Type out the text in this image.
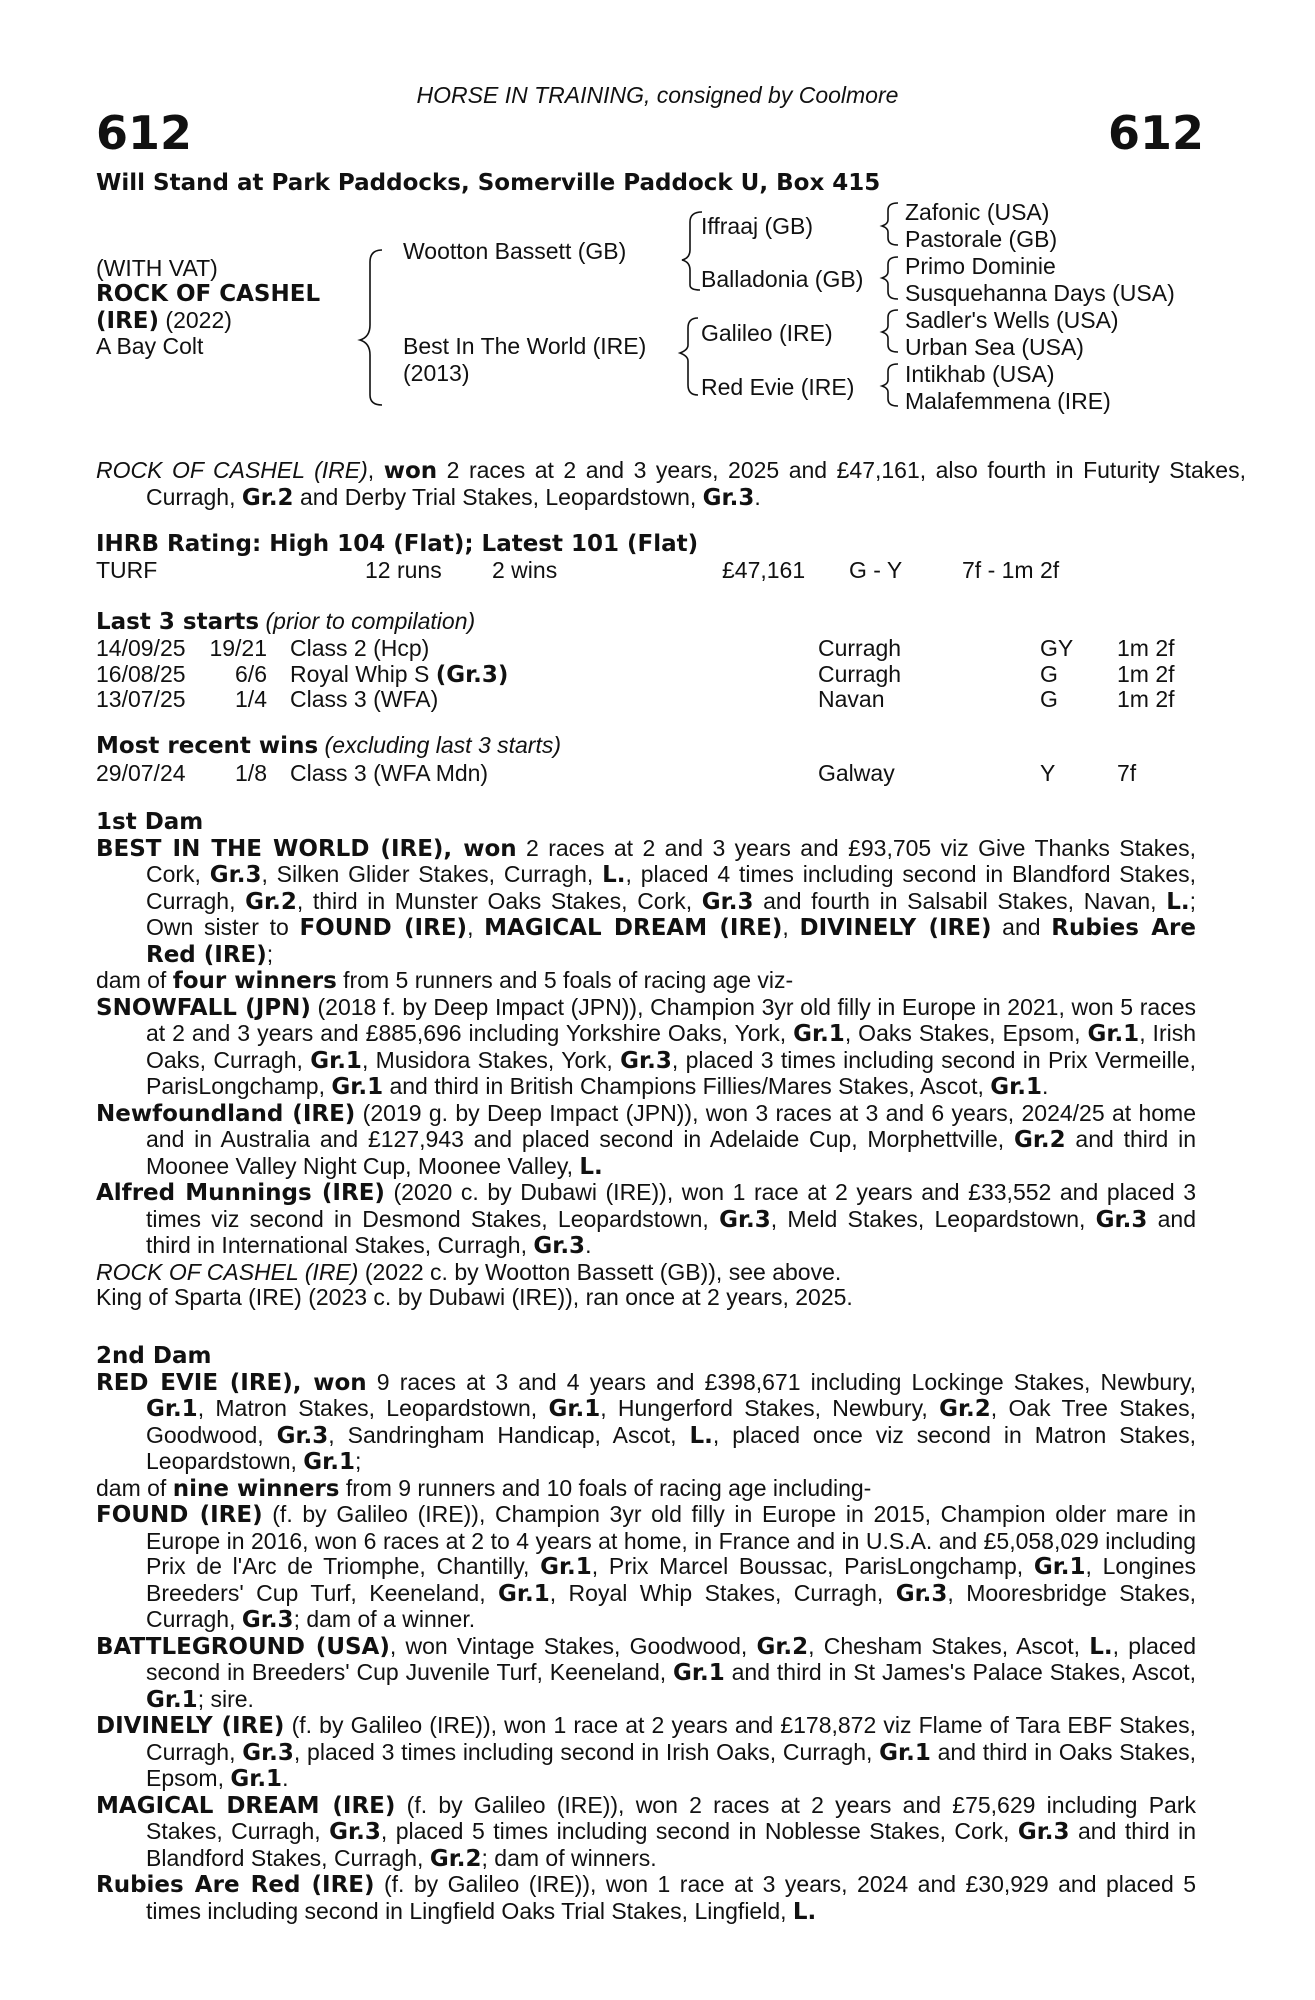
HORSE IN TRAINING, consigned by Coolmore
612	612
Will Stand at Park Paddocks, Somerville Paddock U, Box 415
(WITH VAT)
ROCK OF CASHEL
(IRE) (2022)
A Bay Colt
Wootton Bassett (GB)
Best In The World (IRE)
(2013)
Iffraaj (GB)
Balladonia (GB)
Galileo (IRE)
Red Evie (IRE)
Zafonic (USA)
Pastorale (GB)
Primo Dominie
Susquehanna Days (USA)
Sadler's Wells (USA)
Urban Sea (USA)
Intikhab (USA)
Malafemmena (IRE)
ROCK OF CASHEL (IRE), won 2 races at 2 and 3 years, 2025 and £47,161, also fourth in Futurity Stakes, Curragh, Gr.2 and Derby Trial Stakes, Leopardstown, Gr.3.
IHRB Rating: High 104 (Flat); Latest 101 (Flat)
TURF	12 runs 2 wins	£47,161 G - Y	7f - 1m 2f
Last 3 starts (prior to compilation)
14/09/25	19/21 Class 2 (Hcp)	Curragh	GY 1m 2f
16/08/25	6/6 Royal Whip S (Gr.3)	Curragh	G	1m 2f
13/07/25	1/4 Class 3 (WFA)	Navan	G	1m 2f
Most recent wins (excluding last 3 starts)
29/07/24	1/8 Class 3 (WFA Mdn)	Galway	Y	7f

1st Dam

BEST IN THE WORLD (IRE), won 2 races at 2 and 3 years and £93,705 viz Give Thanks Stakes, Cork, Gr.3, Silken Glider Stakes, Curragh, L., placed 4 times including second in Blandford Stakes, Curragh, Gr.2, third in Munster Oaks Stakes, Cork, Gr.3 and fourth in Salsabil Stakes, Navan, L.; Own sister to FOUND (IRE), MAGICAL DREAM (IRE), DIVINELY (IRE) and Rubies Are Red (IRE);

dam of four winners from 5 runners and 5 foals of racing age viz-

SNOWFALL (JPN) (2018 f. by Deep Impact (JPN)), Champion 3yr old filly in Europe in 2021, won 5 races at 2 and 3 years and £885,696 including Yorkshire Oaks, York, Gr.1, Oaks Stakes, Epsom, Gr.1, Irish Oaks, Curragh, Gr.1, Musidora Stakes, York, Gr.3, placed 3 times including second in Prix Vermeille, ParisLongchamp, Gr.1 and third in British Champions Fillies/Mares Stakes, Ascot, Gr.1.

Newfoundland (IRE) (2019 g. by Deep Impact (JPN)), won 3 races at 3 and 6 years, 2024/25 at home and in Australia and £127,943 and placed second in Adelaide Cup, Morphettville, Gr.2 and third in Moonee Valley Night Cup, Moonee Valley, L.

Alfred Munnings (IRE) (2020 c. by Dubawi (IRE)), won 1 race at 2 years and £33,552 and placed 3 times viz second in Desmond Stakes, Leopardstown, Gr.3, Meld Stakes, Leopardstown, Gr.3 and third in International Stakes, Curragh, Gr.3.

ROCK OF CASHEL (IRE) (2022 c. by Wootton Bassett (GB)), see above.

King of Sparta (IRE) (2023 c. by Dubawi (IRE)), ran once at 2 years, 2025.

2nd Dam

RED EVIE (IRE), won 9 races at 3 and 4 years and £398,671 including Lockinge Stakes, Newbury, Gr.1, Matron Stakes, Leopardstown, Gr.1, Hungerford Stakes, Newbury, Gr.2, Oak Tree Stakes, Goodwood, Gr.3, Sandringham Handicap, Ascot, L., placed once viz second in Matron Stakes, Leopardstown, Gr.1;

dam of nine winners from 9 runners and 10 foals of racing age including-

FOUND (IRE) (f. by Galileo (IRE)), Champion 3yr old filly in Europe in 2015, Champion older mare in Europe in 2016, won 6 races at 2 to 4 years at home, in France and in U.S.A. and £5,058,029 including Prix de l'Arc de Triomphe, Chantilly, Gr.1, Prix Marcel Boussac, ParisLongchamp, Gr.1, Longines Breeders' Cup Turf, Keeneland, Gr.1, Royal Whip Stakes, Curragh, Gr.3, Mooresbridge Stakes, Curragh, Gr.3; dam of a winner.

BATTLEGROUND (USA), won Vintage Stakes, Goodwood, Gr.2, Chesham Stakes, Ascot, L., placed second in Breeders' Cup Juvenile Turf, Keeneland, Gr.1 and third in St James's Palace Stakes, Ascot, Gr.1; sire.

DIVINELY (IRE) (f. by Galileo (IRE)), won 1 race at 2 years and £178,872 viz Flame of Tara EBF Stakes, Curragh, Gr.3, placed 3 times including second in Irish Oaks, Curragh, Gr.1 and third in Oaks Stakes, Epsom, Gr.1.

MAGICAL DREAM (IRE) (f. by Galileo (IRE)), won 2 races at 2 years and £75,629 including Park Stakes, Curragh, Gr.3, placed 5 times including second in Noblesse Stakes, Cork, Gr.3 and third in Blandford Stakes, Curragh, Gr.2; dam of winners.

Rubies Are Red (IRE) (f. by Galileo (IRE)), won 1 race at 3 years, 2024 and £30,929 and placed 5 times including second in Lingfield Oaks Trial Stakes, Lingfield, L.
